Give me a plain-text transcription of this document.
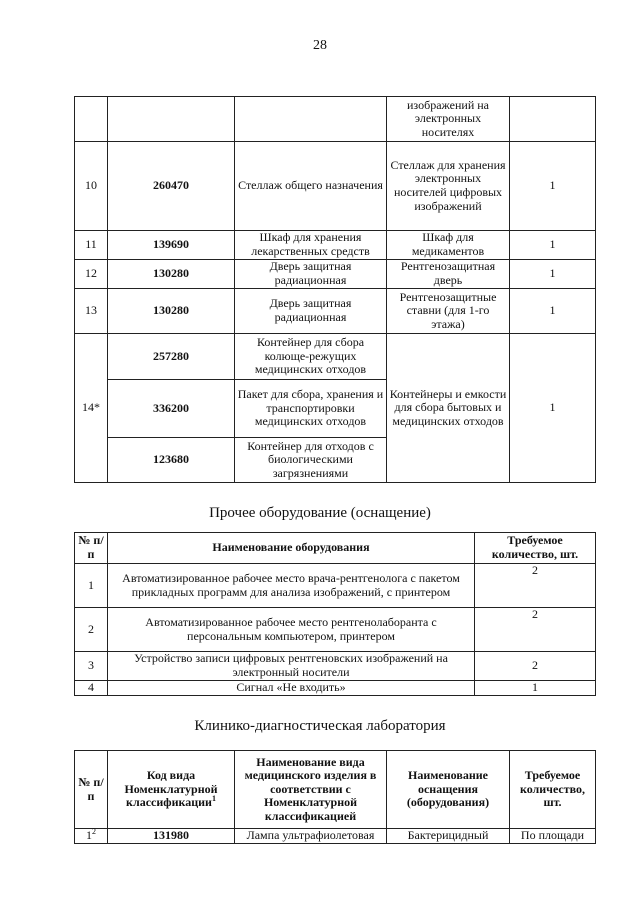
28
			изображений на электронных носителях	
10	260470	Стеллаж общего назначения	Стеллаж для хранения электронных носителей цифровых изображений	1
11	139690	Шкаф для хранения лекарственных средств	Шкаф для медикаментов	1
12	130280	Дверь защитная радиационная	Рентгенозащитная дверь	1
13	130280	Дверь защитная радиационная	Рентгенозащитные ставни (для 1-го этажа)	1
14*	257280	Контейнер для сбора колюще-режущих медицинских отходов	Контейнеры и емкости для сбора бытовых и медицинских отходов	1
	336200	Пакет для сбора, хранения и транспортировки медицинских отходов		
	123680	Контейнер для отходов с биологическими загрязнениями		
Прочее оборудование (оснащение)
№ п/п	Наименование оборудования	Требуемое количество, шт.
1	Автоматизированное рабочее место врача-рентгенолога с пакетом прикладных программ для анализа изображений, с принтером	2
2	Автоматизированное рабочее место рентгенолаборанта с персональным компьютером, принтером	2
3	Устройство записи цифровых рентгеновских изображений на электронный носители	2
4	Сигнал «Не входить»	1
Клинико-диагностическая лаборатория
№ п/п	Код вида Номенклатурной классификации$^1$	Наименование вида медицинского изделия в соответствии с Номенклатурной классификацией	Наименование оснащения (оборудования)	Требуемое количество, шт.
$1^2$	131980	Лампа ультрафиолетовая	Бактерицидный	По площади
